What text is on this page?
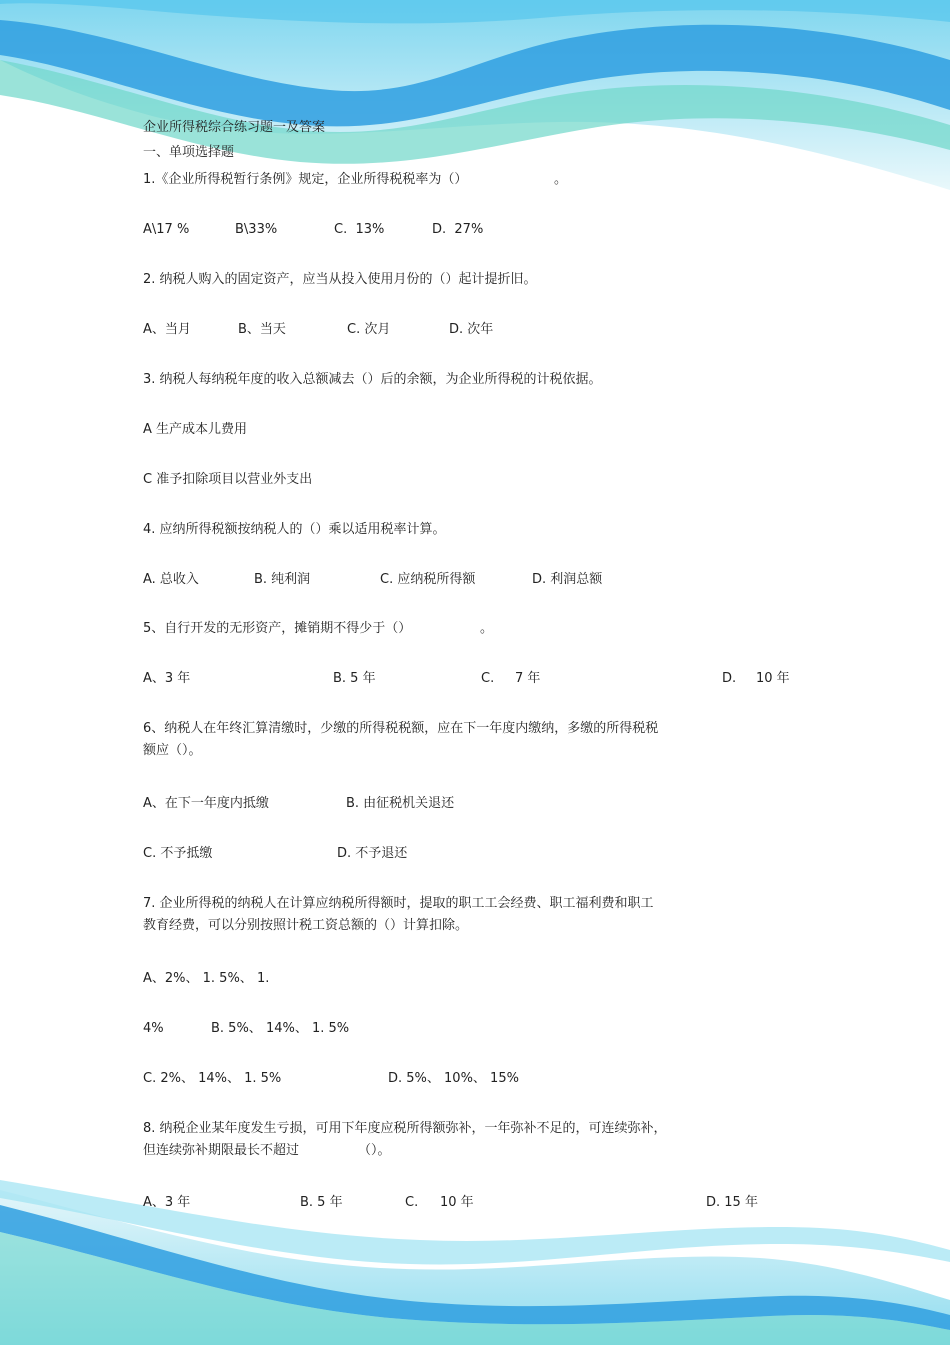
企业所得税综合练习题一及答案
一、单项选择题
1.《企业所得税暂行条例》规定，企业所得税税率为（）	。
A\17 %	B\33%	C.  13%	D.  27%
2. 纳税人购入的固定资产，应当从投入使用月份的（）起计提折旧。
A、当月	B、当天	C. 次月	D. 次年
3. 纳税人每纳税年度的收入总额减去（）后的余额，为企业所得税的计税依据。
A 生产成本儿费用
C 准予扣除项目以营业外支出
4. 应纳所得税额按纳税人的（）乘以适用税率计算。
A. 总收入	B. 纯利润	C. 应纳税所得额	D. 利润总额
5、自行开发的无形资产，摊销期不得少于（）	。
A、3 年	B. 5 年	C. 7 年	D. 10 年
6、纳税人在年终汇算清缴时，少缴的所得税税额，应在下一年度内缴纳，多缴的所得税税
额应（）。
A、在下一年度内抵缴	B. 由征税机关退还
C. 不予抵缴	D. 不予退还
7. 企业所得税的纳税人在计算应纳税所得额时，提取的职工工会经费、职工福利费和职工
教育经费，可以分别按照计税工资总额的（）计算扣除。
A、2%、 1. 5%、 1.
4%	B. 5%、 14%、 1. 5%
C. 2%、 14%、 1. 5%	D. 5%、 10%、 15%
8. 纳税企业某年度发生亏损，可用下年度应税所得额弥补，一年弥补不足的，可连续弥补，
但连续弥补期限最长不超过	（）。
A、3 年	B. 5 年	C. 10 年	D. 15 年
